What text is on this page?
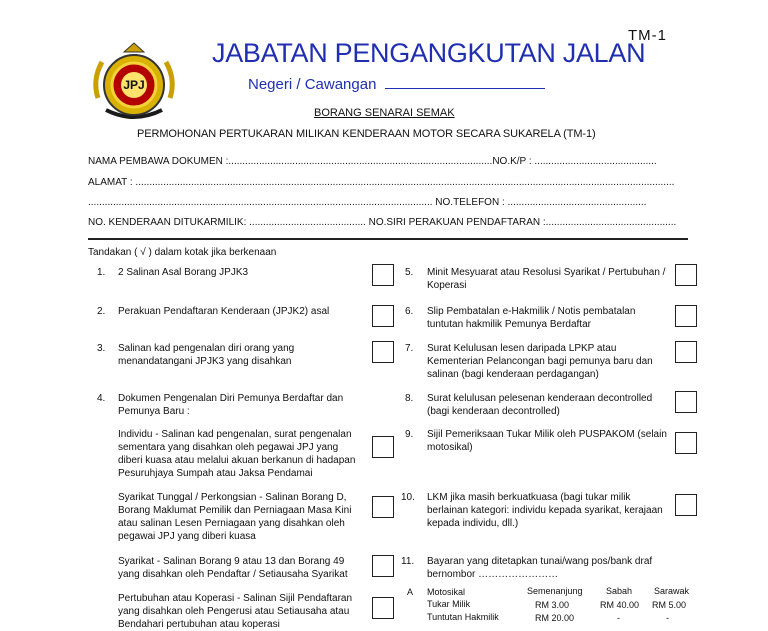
TM-1
JPJ
JABATAN PENGANGKUTAN JALAN
Negeri / Cawangan
BORANG SENARAI SEMAK
PERMOHONAN PERTUKARAN MILIKAN KENDERAAN MOTOR SECARA SUKARELA (TM-1)
NAMA PEMBAWA DOKUMEN :...............................................................................................NO.K/P : ............................................
ALAMAT : ..................................................................................................................................................................................................
............................................................................................................................ NO.TELEFON : ..................................................
NO. KENDERAAN DITUKARMILIK: .......................................... NO.SIRI PERAKUAN PENDAFTARAN :...............................................
Tandakan ( √ ) dalam kotak jika berkenaan
1. 2 Salinan Asal Borang JPJK3
2. Perakuan Pendaftaran Kenderaan (JPJK2) asal
3. Salinan kad pengenalan diri orang yang menandatangani JPJK3 yang disahkan
4. Dokumen Pengenalan Diri Pemunya Berdaftar dan Pemunya Baru :
Individu - Salinan kad pengenalan, surat pengenalan sementara yang disahkan oleh pegawai JPJ yang diberi kuasa atau melalui akuan berkanun di hadapan Pesuruhjaya Sumpah atau Jaksa Pendamai
Syarikat Tunggal / Perkongsian - Salinan Borang D, Borang Maklumat Pemilik dan Perniagaan Masa Kini atau salinan Lesen Perniagaan yang disahkan oleh pegawai JPJ yang diberi kuasa
Syarikat - Salinan Borang 9 atau 13 dan Borang 49 yang disahkan oleh Pendaftar / Setiausaha Syarikat
Pertubuhan atau Koperasi - Salinan Sijil Pendaftaran yang disahkan oleh Pengerusi atau Setiausaha atau Bendahari pertubuhan atau koperasi
5. Minit Mesyuarat atau Resolusi Syarikat / Pertubuhan / Koperasi
6. Slip Pembatalan e-Hakmilik / Notis pembatalan tuntutan hakmilik Pemunya Berdaftar
7. Surat Kelulusan lesen daripada LPKP atau Kementerian Pelancongan bagi pemunya baru dan salinan (bagi kenderaan perdagangan)
8. Surat kelulusan pelesenan kenderaan decontrolled (bagi kenderaan decontrolled)
9. Sijil Pemeriksaan Tukar Milik oleh PUSPAKOM (selain motosikal)
10. LKM jika masih berkuatkuasa (bagi tukar milik berlainan kategori: individu kepada syarikat, kerajaan kepada individu, dll.)
11. Bayaran yang ditetapkan tunai/wang pos/bank draf bernombor ……………………
A Motosikal	Semenanjung	Sabah Sarawak
Tukar Milik	RM 3.00	RM 40.00 RM 5.00
Tuntutan Hakmilik	RM 20.00	-	-
